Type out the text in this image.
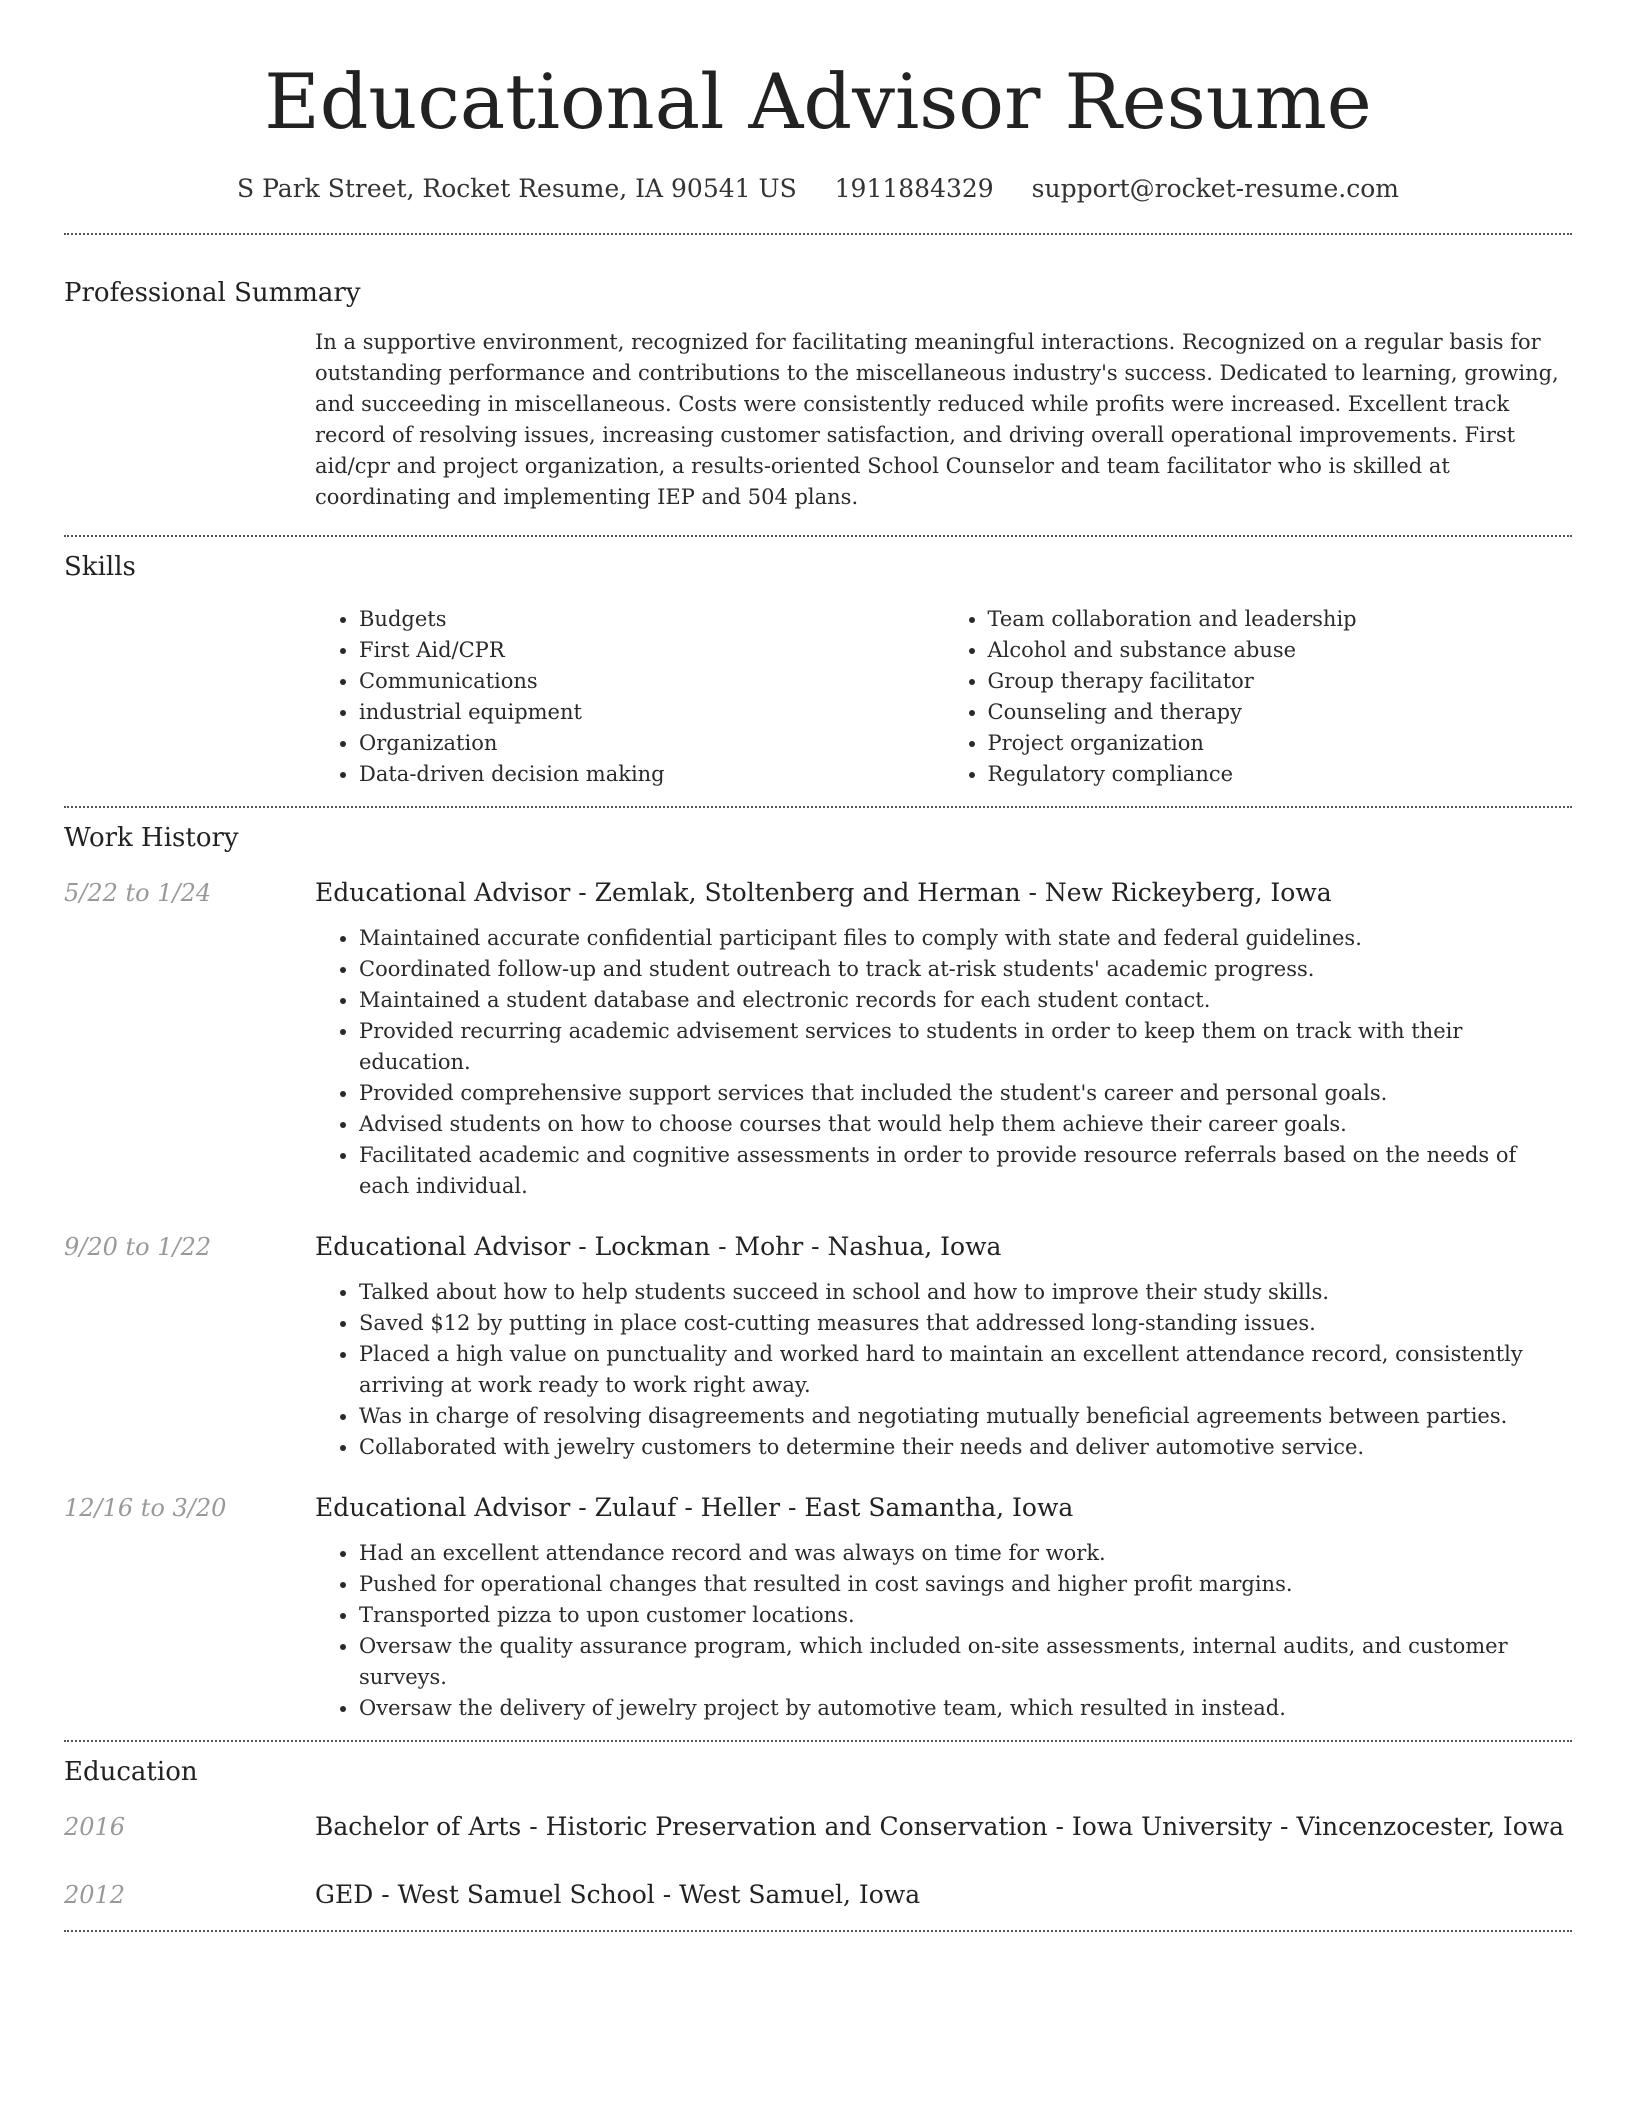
Educational Advisor Resume
S Park Street, Rocket Resume, IA 90541 US 1911884329 support@rocket-resume.com
Professional Summary
In a supportive environment, recognized for facilitating meaningful interactions. Recognized on a regular basis for outstanding performance and contributions to the miscellaneous industry's success. Dedicated to learning, growing, and succeeding in miscellaneous. Costs were consistently reduced while profits were increased. Excellent track record of resolving issues, increasing customer satisfaction, and driving overall operational improvements. First aid/cpr and project organization, a results-oriented School Counselor and team facilitator who is skilled at coordinating and implementing IEP and 504 plans.
Skills
• Budgets
• First Aid/CPR
• Communications
• industrial equipment
• Organization
• Data-driven decision making
• Team collaboration and leadership
• Alcohol and substance abuse
• Group therapy facilitator
• Counseling and therapy
• Project organization
• Regulatory compliance
Work History
5/22 to 1/24	Educational Advisor - Zemlak, Stoltenberg and Herman - New Rickeyberg, Iowa
• Maintained accurate confidential participant files to comply with state and federal guidelines.
• Coordinated follow-up and student outreach to track at-risk students' academic progress.
• Maintained a student database and electronic records for each student contact.
• Provided recurring academic advisement services to students in order to keep them on track with their education.
• Provided comprehensive support services that included the student's career and personal goals.
• Advised students on how to choose courses that would help them achieve their career goals.
• Facilitated academic and cognitive assessments in order to provide resource referrals based on the needs of each individual.
9/20 to 1/22	Educational Advisor - Lockman - Mohr - Nashua, Iowa
• Talked about how to help students succeed in school and how to improve their study skills.
• Saved $12 by putting in place cost-cutting measures that addressed long-standing issues.
• Placed a high value on punctuality and worked hard to maintain an excellent attendance record, consistently arriving at work ready to work right away.
• Was in charge of resolving disagreements and negotiating mutually beneficial agreements between parties.
• Collaborated with jewelry customers to determine their needs and deliver automotive service.
12/16 to 3/20	Educational Advisor - Zulauf - Heller - East Samantha, Iowa
• Had an excellent attendance record and was always on time for work.
• Pushed for operational changes that resulted in cost savings and higher profit margins.
• Transported pizza to upon customer locations.
• Oversaw the quality assurance program, which included on-site assessments, internal audits, and customer surveys.
• Oversaw the delivery of jewelry project by automotive team, which resulted in instead.
Education
2016	Bachelor of Arts - Historic Preservation and Conservation - Iowa University - Vincenzocester, Iowa
2012	GED - West Samuel School - West Samuel, Iowa
